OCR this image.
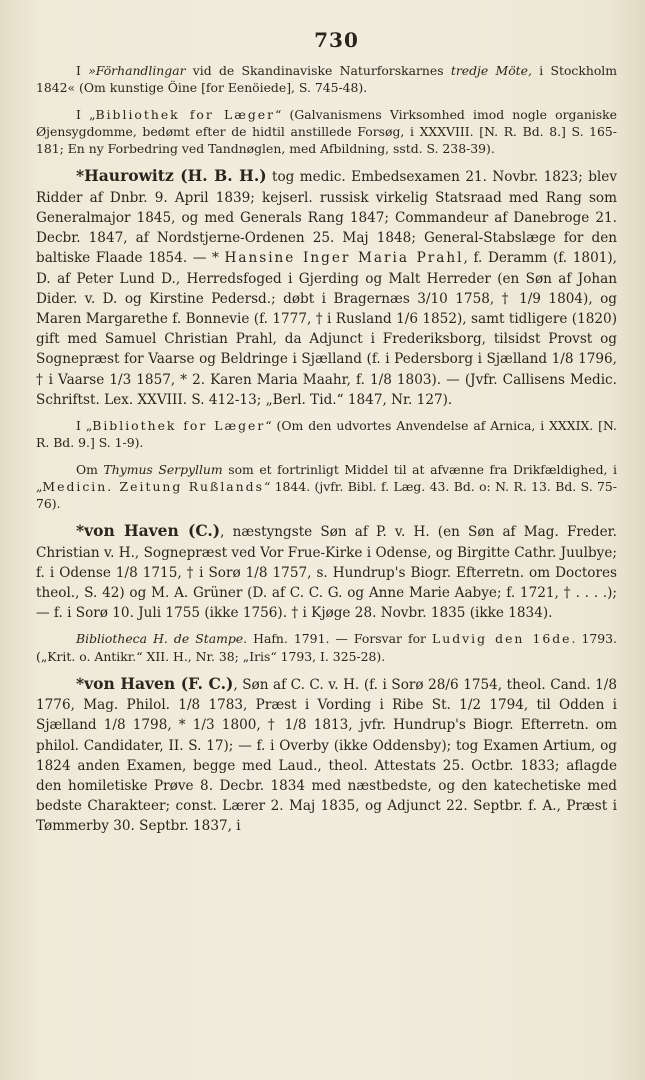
730

I »Förhandlingar vid de Skandinaviske Naturforskarnes tredje Möte, i Stockholm 1842« (Om kunstige Öine [for Eenöiede], S. 745-48).

I „Bibliothek for Læger“ (Galvanismens Virksomhed imod nogle organiske Øjensygdomme, bedømt efter de hidtil anstillede Forsøg, i XXXVIII. [N. R. Bd. 8.] S. 165-181; En ny Forbedring ved Tandnøglen, med Afbildning, sstd. S. 238-39).

*Haurowitz (H. B. H.) tog medic. Embedsexamen 21. Novbr. 1823; blev Ridder af Dnbr. 9. April 1839; kejserl. russisk virkelig Statsraad med Rang som Generalmajor 1845, og med Generals Rang 1847; Commandeur af Danebroge 21. Decbr. 1847, af Nordstjerne-Ordenen 25. Maj 1848; General-Stabslæge for den baltiske Flaade 1854. — * Hansine Inger Maria Prahl, f. Deramm (f. 1801), D. af Peter Lund D., Herredsfoged i Gjerding og Malt Herreder (en Søn af Johan Dider. v. D. og Kirstine Pedersd.; døbt i Bragernæs 3/10 1758, † 1/9 1804), og Maren Margarethe f. Bonnevie (f. 1777, † i Rusland 1/6 1852), samt tidligere (1820) gift med Samuel Christian Prahl, da Adjunct i Frederiksborg, tilsidst Provst og Sognepræst for Vaarse og Beldringe i Sjælland (f. i Pedersborg i Sjælland 1/8 1796, † i Vaarse 1/3 1857, * 2. Karen Maria Maahr, f. 1/8 1803). — (Jvfr. Callisens Medic. Schriftst. Lex. XXVIII. S. 412-13; „Berl. Tid.“ 1847, Nr. 127).

I „Bibliothek for Læger“ (Om den udvortes Anvendelse af Arnica, i XXXIX. [N. R. Bd. 9.] S. 1-9).

Om Thymus Serpyllum som et fortrinligt Middel til at afvænne fra Drikfældighed, i „Medicin. Zeitung Rußlands“ 1844. (jvfr. Bibl. f. Læg. 43. Bd. o: N. R. 13. Bd. S. 75-76).

*von Haven (C.), næstyngste Søn af P. v. H. (en Søn af Mag. Freder. Christian v. H., Sognepræst ved Vor Frue-Kirke i Odense, og Birgitte Cathr. Juulbye; f. i Odense 1/8 1715, † i Sorø 1/8 1757, s. Hundrup's Biogr. Efterretn. om Doctores theol., S. 42) og M. A. Grüner (D. af C. C. G. og Anne Marie Aabye; f. 1721, † . . . .); — f. i Sorø 10. Juli 1755 (ikke 1756). † i Kjøge 28. Novbr. 1835 (ikke 1834).

Bibliotheca H. de Stampe. Hafn. 1791. — Forsvar for Ludvig den 16de. 1793. („Krit. o. Antikr.“ XII. H., Nr. 38; „Iris“ 1793, I. 325-28).

*von Haven (F. C.), Søn af C. C. v. H. (f. i Sorø 28/6 1754, theol. Cand. 1/8 1776, Mag. Philol. 1/8 1783, Præst i Vording i Ribe St. 1/2 1794, til Odden i Sjælland 1/8 1798, * 1/3 1800, † 1/8 1813, jvfr. Hundrup's Biogr. Efterretn. om philol. Candidater, II. S. 17); — f. i Overby (ikke Oddensby); tog Examen Artium, og 1824 anden Examen, begge med Laud., theol. Attestats 25. Octbr. 1833; aflagde den homiletiske Prøve 8. Decbr. 1834 med næstbedste, og den katechetiske med bedste Charakteer; const. Lærer 2. Maj 1835, og Adjunct 22. Septbr. f. A., Præst i Tømmerby 30. Septbr. 1837, i
